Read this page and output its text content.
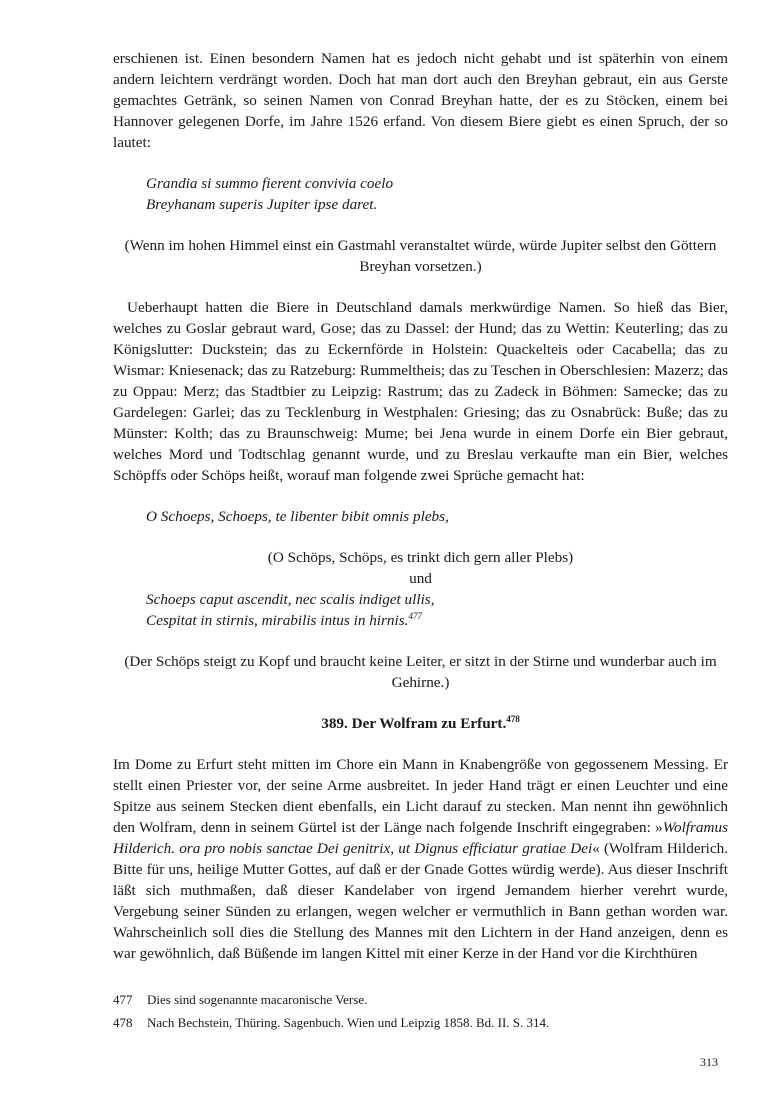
erschienen ist. Einen besondern Namen hat es jedoch nicht gehabt und ist späterhin von einem andern leichtern verdrängt worden. Doch hat man dort auch den Breyhan gebraut, ein aus Gerste gemachtes Getränk, so seinen Namen von Conrad Breyhan hatte, der es zu Stöcken, einem bei Hannover gelegenen Dorfe, im Jahre 1526 erfand. Von diesem Biere giebt es einen Spruch, der so lautet:

Grandia si summo fierent convivia coelo

Breyhanam superis Jupiter ipse daret.

(Wenn im hohen Himmel einst ein Gastmahl veranstaltet würde, würde Jupiter selbst den Göttern Breyhan vorsetzen.)

Ueberhaupt hatten die Biere in Deutschland damals merkwürdige Namen. So hieß das Bier, welches zu Goslar gebraut ward, Gose; das zu Dassel: der Hund; das zu Wettin: Keuterling; das zu Königslutter: Duckstein; das zu Eckernförde in Holstein: Quackelteis oder Cacabella; das zu Wismar: Kniesenack; das zu Ratzeburg: Rummeltheis; das zu Teschen in Oberschlesien: Mazerz; das zu Oppau: Merz; das Stadtbier zu Leipzig: Rastrum; das zu Zadeck in Böhmen: Samecke; das zu Gardelegen: Garlei; das zu Tecklenburg in Westphalen: Griesing; das zu Osnabrück: Buße; das zu Münster: Kolth; das zu Braunschweig: Mume; bei Jena wurde in einem Dorfe ein Bier gebraut, welches Mord und Todtschlag genannt wurde, und zu Breslau verkaufte man ein Bier, welches Schöpffs oder Schöps heißt, worauf man folgende zwei Sprüche gemacht hat:

O Schoeps, Schoeps, te libenter bibit omnis plebs,

(O Schöps, Schöps, es trinkt dich gern aller Plebs)

und

Schoeps caput ascendit, nec scalis indiget ullis,

Cespitat in stirnis, mirabilis intus in hirnis.$^{477}$

(Der Schöps steigt zu Kopf und braucht keine Leiter, er sitzt in der Stirne und wunderbar auch im Gehirne.)

389. Der Wolfram zu Erfurt.$^{478}$

Im Dome zu Erfurt steht mitten im Chore ein Mann in Knabengröße von gegossenem Messing. Er stellt einen Priester vor, der seine Arme ausbreitet. In jeder Hand trägt er einen Leuchter und eine Spitze aus seinem Stecken dient ebenfalls, ein Licht darauf zu stecken. Man nennt ihn gewöhnlich den Wolfram, denn in seinem Gürtel ist der Länge nach folgende Inschrift eingegraben: »Wolframus Hilderich. ora pro nobis sanctae Dei genitrix, ut Dignus efficiatur gratiae Dei« (Wolfram Hilderich. Bitte für uns, heilige Mutter Gottes, auf daß er der Gnade Gottes würdig werde). Aus dieser Inschrift läßt sich muthmaßen, daß dieser Kandelaber von irgend Jemandem hierher verehrt wurde, Vergebung seiner Sünden zu erlangen, wegen welcher er vermuthlich in Bann gethan worden war. Wahrscheinlich soll dies die Stellung des Mannes mit den Lichtern in der Hand anzeigen, denn es war gewöhnlich, daß Büßende im langen Kittel mit einer Kerze in der Hand vor die Kirchthüren

477 Dies sind sogenannte macaronische Verse.
478 Nach Bechstein, Thüring. Sagenbuch. Wien und Leipzig 1858. Bd. II. S. 314.
313
